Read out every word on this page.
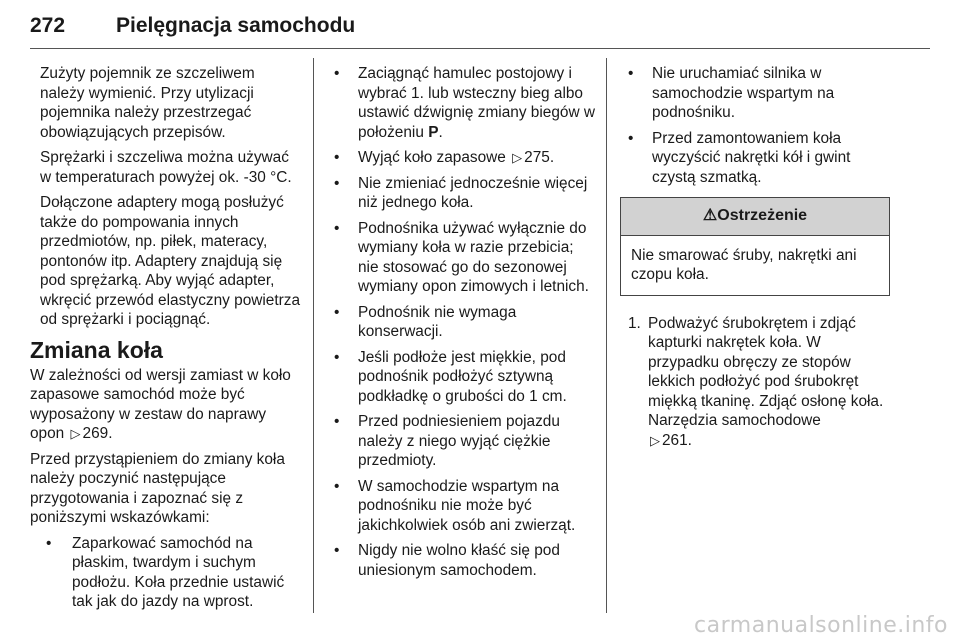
272 Pielęgnacja samochodu

Zużyty pojemnik ze szczeliwem należy wymienić. Przy utylizacji pojemnika należy przestrzegać obowiązujących przepisów.

Sprężarki i szczeliwa można używać w temperaturach powyżej ok. -30 °C.

Dołączone adaptery mogą posłużyć także do pompowania innych przedmiotów, np. piłek, materacy, pontonów itp. Adaptery znajdują się pod sprężarką. Aby wyjąć adapter, wkręcić przewód elastyczny powietrza od sprężarki i pociągnąć.

Zmiana koła

W zależności od wersji zamiast w koło zapasowe samochód może być wyposażony w zestaw do naprawy opon ▷ 269.

Przed przystąpieniem do zmiany koła należy poczynić następujące przygotowania i zapoznać się z poniższymi wskazówkami:

• Zaparkować samochód na płaskim, twardym i suchym podłożu. Koła przednie ustawić tak jak do jazdy na wprost.
• Zaciągnąć hamulec postojowy i wybrać 1. lub wsteczny bieg albo ustawić dźwignię zmiany biegów w położeniu P.
• Wyjąć koło zapasowe ▷ 275.
• Nie zmieniać jednocześnie więcej niż jednego koła.
• Podnośnika używać wyłącznie do wymiany koła w razie przebicia; nie stosować go do sezonowej wymiany opon zimowych i letnich.
• Podnośnik nie wymaga konserwacji.
• Jeśli podłoże jest miękkie, pod podnośnik podłożyć sztywną podkładkę o grubości do 1 cm.
• Przed podniesieniem pojazdu należy z niego wyjąć ciężkie przedmioty.
• W samochodzie wspartym na podnośniku nie może być jakichkolwiek osób ani zwierząt.
• Nigdy nie wolno kłaść się pod uniesionym samochodem.
• Nie uruchamiać silnika w samochodzie wspartym na podnośniku.
• Przed zamontowaniem koła wyczyścić nakrętki kół i gwint czystą szmatką.
⚠Ostrzeżenie
Nie smarować śruby, nakrętki ani czopu koła.
1. Podważyć śrubokrętem i zdjąć kapturki nakrętek koła. W przypadku obręczy ze stopów lekkich podłożyć pod śrubokręt miękką tkaninę. Zdjąć osłonę koła. Narzędzia samochodowe
▷ 261.
carmanualsonline.info
